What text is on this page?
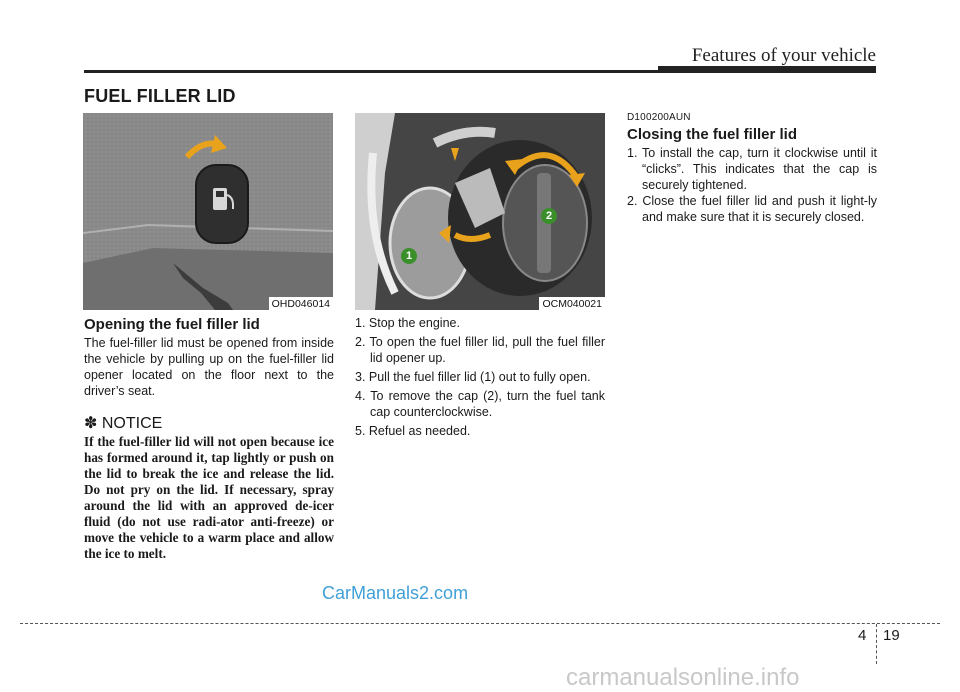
Features of your vehicle
FUEL FILLER LID
OHD046014
1
2
OCM040021
Opening the fuel filler lid
The fuel-filler lid must be opened from inside the vehicle by pulling up on the fuel-filler lid opener located on the floor next to the driver’s seat.
✽ NOTICE
If the fuel-filler lid will not open because ice has formed around it, tap lightly or push on the lid to break the ice and release the lid. Do not pry on the lid. If necessary, spray around the lid with an approved de-icer fluid (do not use radi-ator anti-freeze) or move the vehicle to a warm place and allow the ice to melt.
1. Stop the engine.
2. To open the fuel filler lid, pull the fuel filler lid opener up.
3. Pull the fuel filler lid (1) out to fully open.
4. To remove the cap (2), turn the fuel tank cap counterclockwise.
5. Refuel as needed.
D100200AUN
Closing the fuel filler lid
1. To install the cap, turn it clockwise until it “clicks”. This indicates that the cap is securely tightened.
2. Close the fuel filler lid and push it light-ly and make sure that it is securely closed.
4 19
CarManuals2.com
carmanualsonline.info
